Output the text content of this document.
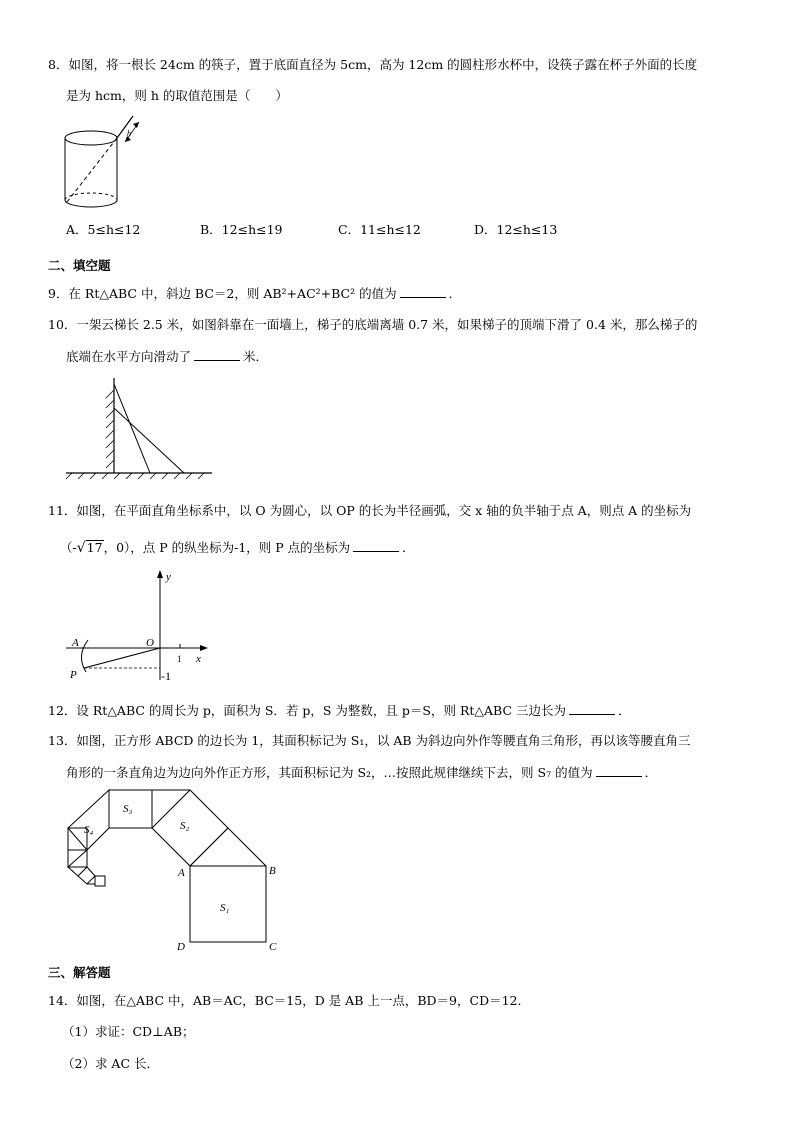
8．如图，将一根长 24cm 的筷子，置于底面直径为 5cm，高为 12cm 的圆柱形水杯中，设筷子露在杯子外面的长度
是为 hcm，则 h 的取值范围是（　　）
h
A．5≤h≤12	B．12≤h≤19	C．11≤h≤12	D．12≤h≤13
二、填空题
9．在 Rt△ABC 中，斜边 BC＝2，则 AB²+AC²+BC² 的值为	．
10．一架云梯长 2.5 米，如图斜靠在一面墙上，梯子的底端离墙 0.7 米，如果梯子的顶端下滑了 0.4 米，那么梯子的
底端在水平方向滑动了	米．
11．如图，在平面直角坐标系中，以 O 为圆心，以 OP 的长为半径画弧，交 x 轴的负半轴于点 A，则点 A 的坐标为
（-√17，0），点 P 的纵坐标为-1，则 P 点的坐标为	．
y
x
O
A
P
1
-1
12．设 Rt△ABC 的周长为 p，面积为 S．若 p，S 为整数，且 p＝S，则 Rt△ABC 三边长为	．
13．如图，正方形 ABCD 的边长为 1，其面积标记为 S₁，以 AB 为斜边向外作等腰直角三角形，再以该等腰直角三
角形的一条直角边为边向外作正方形，其面积标记为 S₂，…按照此规律继续下去，则 S₇ 的值为	．
S₁
S₂
S₃
S₄
A	B
C
D
三、解答题
14．如图，在△ABC 中，AB＝AC，BC＝15，D 是 AB 上一点，BD＝9，CD＝12．
（1）求证：CD⊥AB；
（2）求 AC 长．
